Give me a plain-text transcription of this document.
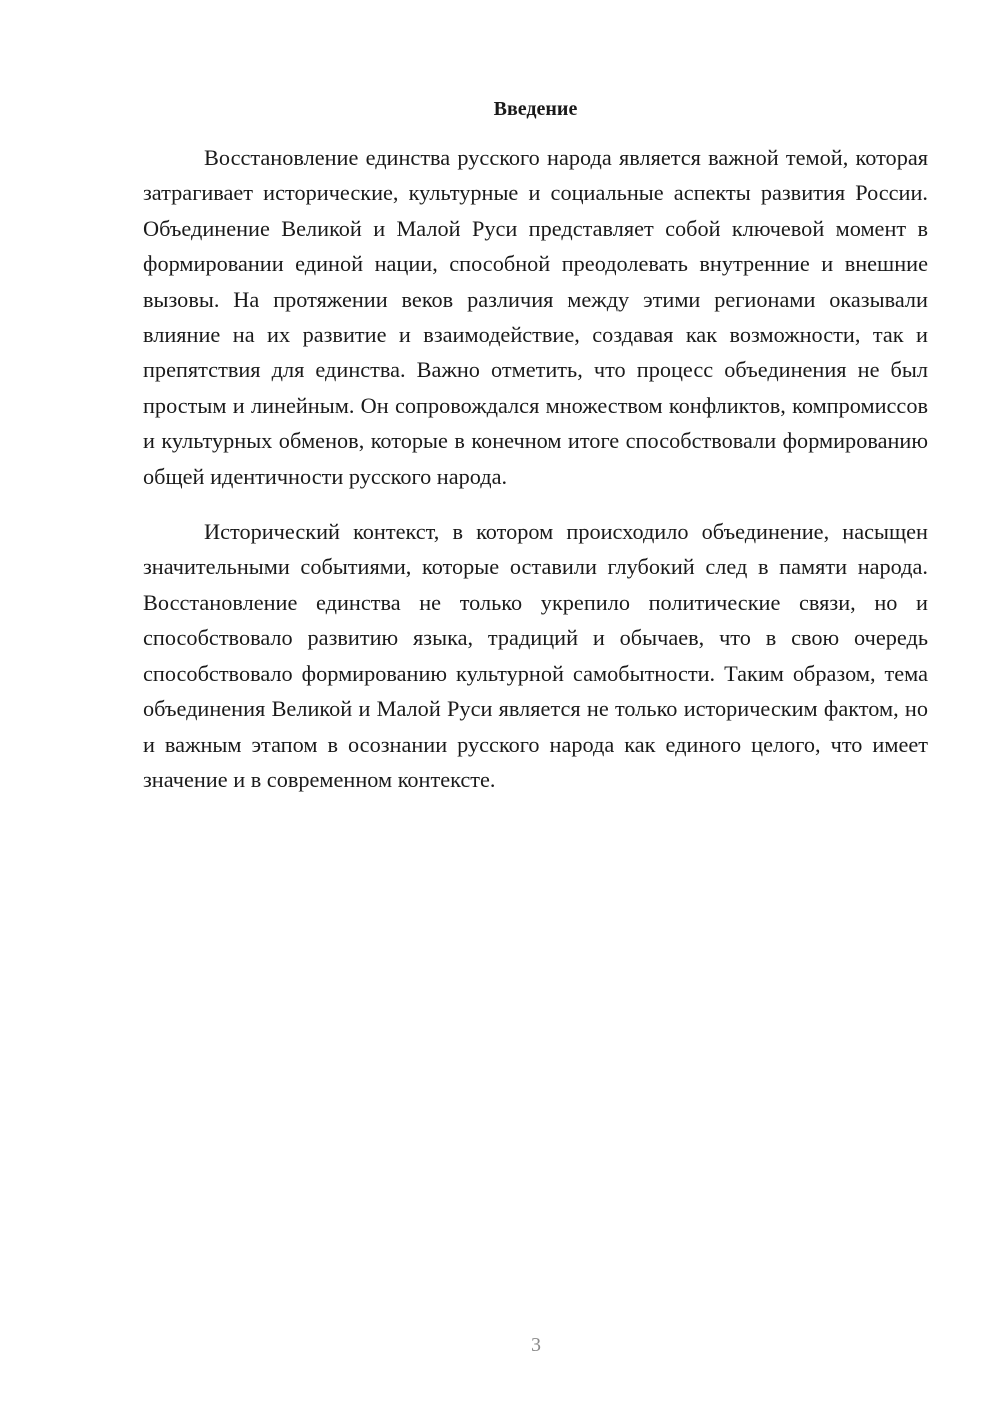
Введение

Восстановление единства русского народа является важной темой, которая затрагивает исторические, культурные и социальные аспекты развития России. Объединение Великой и Малой Руси представляет собой ключевой момент в формировании единой нации, способной преодолевать внутренние и внешние вызовы. На протяжении веков различия между этими регионами оказывали влияние на их развитие и взаимодействие, создавая как возможности, так и препятствия для единства. Важно отметить, что процесс объединения не был простым и линейным. Он сопровождался множеством конфликтов, компромиссов и культурных обменов, которые в конечном итоге способствовали формированию общей идентичности русского народа.

Исторический контекст, в котором происходило объединение, насыщен значительными событиями, которые оставили глубокий след в памяти народа. Восстановление единства не только укрепило политические связи, но и способствовало развитию языка, традиций и обычаев, что в свою очередь способствовало формированию культурной самобытности. Таким образом, тема объединения Великой и Малой Руси является не только историческим фактом, но и важным этапом в осознании русского народа как единого целого, что имеет значение и в современном контексте.

3
